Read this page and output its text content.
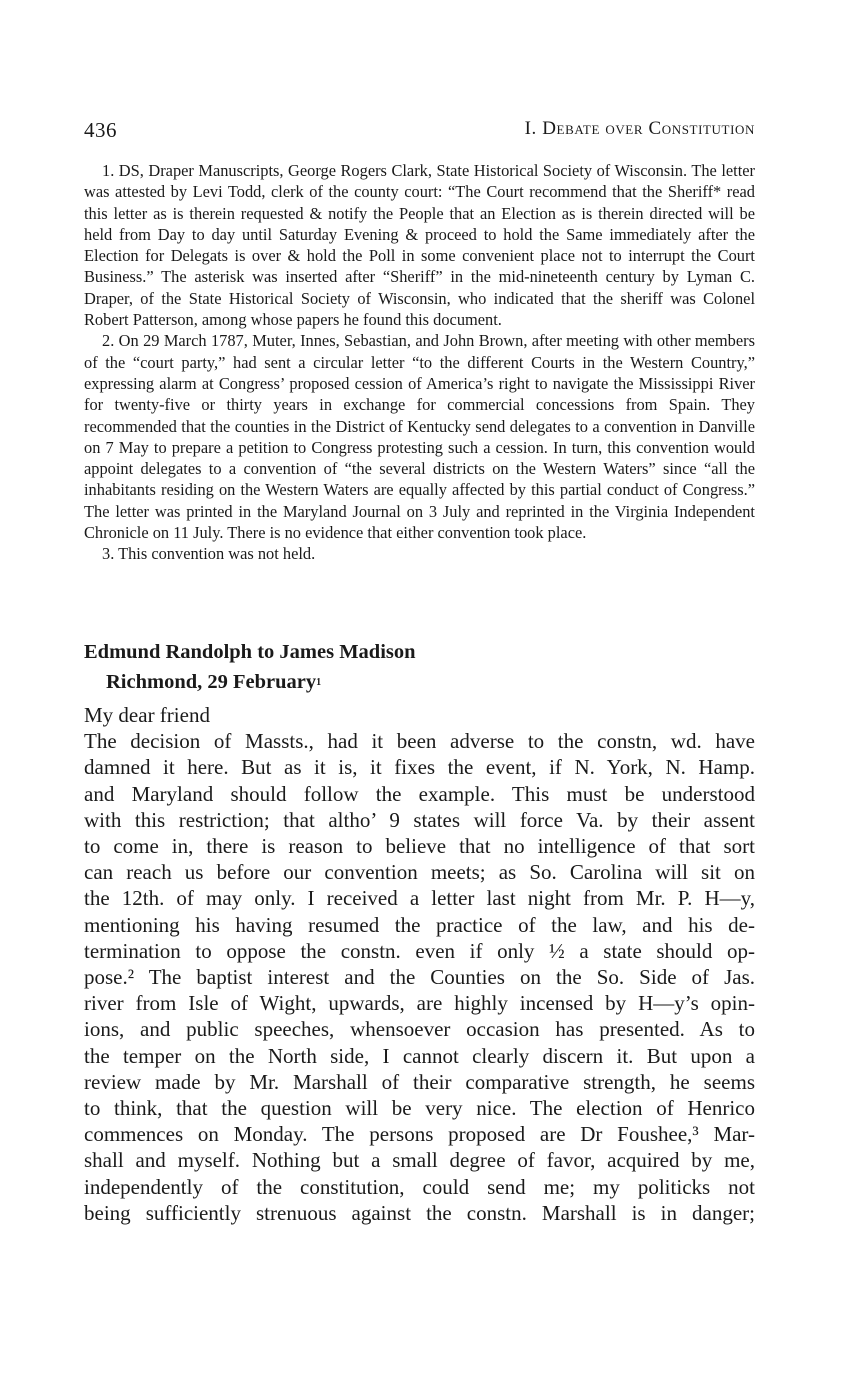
436	I. Debate over Constitution

1. DS, Draper Manuscripts, George Rogers Clark, State Historical Society of Wisconsin. The letter was attested by Levi Todd, clerk of the county court: “The Court recommend that the Sheriff* read this letter as is therein requested & notify the People that an Election as is therein directed will be held from Day to day until Saturday Evening & proceed to hold the Same immediately after the Election for Delegats is over & hold the Poll in some convenient place not to interrupt the Court Business.” The asterisk was inserted after “Sheriff” in the mid-nineteenth century by Lyman C. Draper, of the State Historical Society of Wisconsin, who indicated that the sheriff was Colonel Robert Patterson, among whose papers he found this document.

2. On 29 March 1787, Muter, Innes, Sebastian, and John Brown, after meeting with other members of the “court party,” had sent a circular letter “to the different Courts in the Western Country,” expressing alarm at Congress’ proposed cession of America’s right to navigate the Mississippi River for twenty-five or thirty years in exchange for commercial concessions from Spain. They recommended that the counties in the District of Kentucky send delegates to a convention in Danville on 7 May to prepare a petition to Congress protesting such a cession. In turn, this convention would appoint delegates to a convention of “the several districts on the Western Waters” since “all the inhabitants residing on the Western Waters are equally affected by this partial conduct of Congress.” The letter was printed in the Maryland Journal on 3 July and reprinted in the Virginia Independent Chronicle on 11 July. There is no evidence that either convention took place.

3. This convention was not held.

Edmund Randolph to James Madison

Richmond, 29 February$^1$

My dear friend

The decision of Massts., had it been adverse to the constn, wd. have
damned it here. But as it is, it fixes the event, if N. York, N. Hamp.
and Maryland should follow the example. This must be understood
with this restriction; that altho’ 9 states will force Va. by their assent
to come in, there is reason to believe that no intelligence of that sort
can reach us before our convention meets; as So. Carolina will sit on
the 12th. of may only. I received a letter last night from Mr. P. H—y,
mentioning his having resumed the practice of the law, and his de-
termination to oppose the constn. even if only ½ a state should op-
pose.² The baptist interest and the Counties on the So. Side of Jas.
river from Isle of Wight, upwards, are highly incensed by H—y’s opin-
ions, and public speeches, whensoever occasion has presented. As to
the temper on the North side, I cannot clearly discern it. But upon a
review made by Mr. Marshall of their comparative strength, he seems
to think, that the question will be very nice. The election of Henrico
commences on Monday. The persons proposed are Dr Foushee,³ Mar-
shall and myself. Nothing but a small degree of favor, acquired by me,
independently of the constitution, could send me; my politicks not
being sufficiently strenuous against the constn. Marshall is in danger;
